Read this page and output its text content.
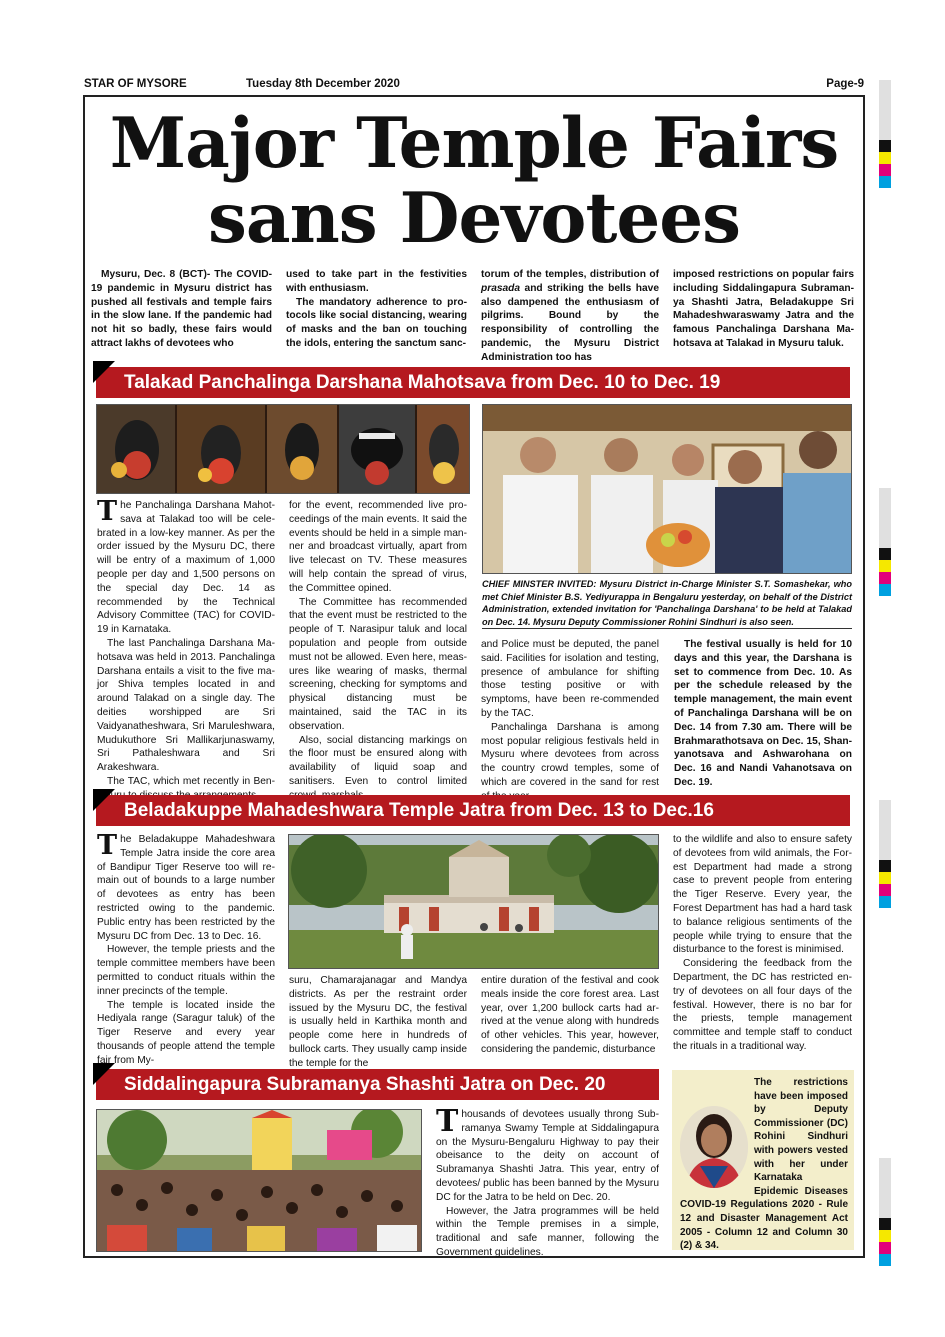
STAR OF MYSORE	Tuesday 8th December 2020	Page-9
Major Temple Fairs
sans Devotees

Mysuru, Dec. 8 (BCT)- The COVID-19 pandemic in Mysuru district has pushed all festivals and temple fairs in the slow lane. If the pandemic had not hit so badly, these fairs would attract lakhs of devotees who

used to take part in the festivities with enthusiasm.

The mandatory adherence to protocols like social distancing, wearing of masks and the ban on touching the idols, entering the sanctum sanc-

torum of the temples, distribution of prasada and striking the bells have also dampened the enthusiasm of pilgrims. Bound by the responsibility of controlling the pandemic, the Mysuru District Administration too has

imposed restrictions on popular fairs including Siddalingapura Subramanya Shashti Jatra, Beladakuppe Sri Mahadeshwaraswamy Jatra and the famous Panchalinga Darshana Mahotsava at Talakad in Mysuru taluk.

Talakad Panchalinga Darshana Mahotsava from Dec. 10 to Dec. 19
CHIEF MINSTER INVITED: Mysuru District in-Charge Minister S.T. Somashekar, who met Chief Minister B.S. Yediyurappa in Bengaluru yesterday, on behalf of the District Administration, extended invitation for 'Panchalinga Darshana' to be held at Talakad on Dec. 14. Mysuru Deputy Commissioner Rohini Sindhuri is also seen.

The Panchalinga Darshana Mahotsava at Talakad too will be celebrated in a low-key manner. As per the order issued by the Mysuru DC, there will be entry of a maximum of 1,000 people per day and 1,500 persons on the special day Dec. 14 as recommended by the Technical Advisory Committee (TAC) for COVID-19 in Karnataka.

The last Panchalinga Darshana Mahotsava was held in 2013. Panchalinga Darshana entails a visit to the five major Shiva temples located in and around Talakad on a single day. The deities worshipped are Sri Vaidyanatheshwara, Sri Maruleshwara, Mudukuthore Sri Mallikarjunaswamy, Sri Pathaleshwara and Sri Arakeshwara.

The TAC, which met recently in Ben

for the event, recommended live proceedings of the main events. It said the events should be held in a simple manner and broadcast virtually, apart from live telecast on TV. These measures will help contain the spread of virus, the Committee opined.

The Committee has recommended that the event must be restricted to the people of T. Narasipur taluk and local population and people from outside must not be allowed. Even here, measures like wearing of masks, thermal screening, checking for symptoms and physical distancing must be maintained, said the TAC in its observation.

Also, social distancing markings on the floor must be ensured along with availability of liquid soap and sanitisers. Even to control limited

and Police must be deputed, the panel said. Facilities for isolation and testing, presence of ambulance for shifting those testing positive or with symptoms, have been re-commended by the TAC.

Panchalinga Darshana is among most popular religious festivals held in Mysuru where devotees from across the country crowd temples, some of which are covered in the sand for rest

The festival usually is held for 10 days and this year, the Darshana is set to commence from Dec. 10. As per the schedule released by the temple management, the main event of Panchalinga Darshana will be on Dec. 14 from 7.30 am. There will be Brahmarathotsava on Dec. 15, Shanyanotsava and Ashwarohana on Dec. 16 and Nandi Vahanotsava on Dec. 19.

Beladakuppe Mahadeshwara Temple Jatra from Dec. 13 to Dec.16

The Beladakuppe Mahadeshwara Temple Jatra inside the core area of Bandipur Tiger Reserve too will remain out of bounds to a large number of devotees as entry has been restricted owing to the pandemic. Public entry has been restricted by the Mysuru DC from Dec. 13 to Dec. 16.

However, the temple priests and the temple committee members have been permitted to conduct rituals within the inner precincts of the temple.

The temple is located inside the Hediyala range (Saragur taluk) of the Tiger Reserve and every year thousands of people attend the temple fair from My-

suru, Chamarajanagar and Mandya districts. As per the restraint order issued by the Mysuru DC, the festival is usually held in Karthika month and people come here in hundreds of bullock carts. They usually camp inside the temple for the

entire duration of the festival and cook meals inside the core forest area. Last year, over 1,200 bullock carts had arrived at the venue along with hundreds of other vehicles. This year, however, considering the pandemic, disturbance

to the wildlife and also to ensure safety of devotees from wild animals, the Forest Department had made a strong case to prevent people from entering the Tiger Reserve. Every year, the Forest Department has had a hard task to balance religious sentiments of the people while trying to ensure that the disturbance to the forest is minimised.

Considering the feedback from the Department, the DC has restricted entry of devotees on all four days of the festival. However, there is no bar for the priests, temple management committee and temple staff to conduct the rituals in a traditional way.

Siddalingapura Subramanya Shashti Jatra on Dec. 20

Thousands of devotees usually throng Subramanya Swamy Temple at Siddalingapura on the Mysuru-Bengaluru Highway to pay their obeisance to the deity on account of Subramanya Shashti Jatra. This year, entry of devotees/ public has been banned by the Mysuru DC for the Jatra to be held on Dec. 20.

However, the Jatra programmes will be held within the Temple premises in a simple, traditional and safe manner, following the Government guidelines.

The restrictions have been imposed by Deputy Commissioner (DC) Rohini Sindhuri with powers vested with her under Karnataka Epidemic Diseases COVID-19 Regulations 2020 - Rule 12 and Disaster Management Act 2005 - Column 12 and Column 30 (2) & 34.
